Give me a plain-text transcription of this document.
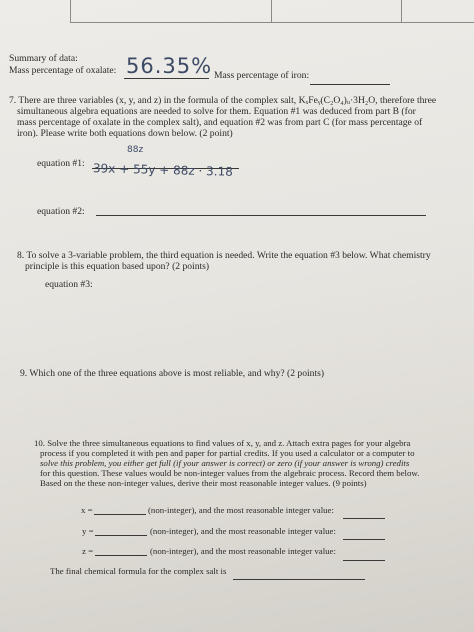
Summary of data:
Mass percentage of oxalate: 56.35% Mass percentage of iron:
7. There are three variables (x, y, and z) in the formula of the complex salt, KₓFeᵧ(C₂O₄)ᵤ·3H₂O, therefore three
simultaneous algebra equations are needed to solve for them. Equation #1 was deduced from part B (for
mass percentage of oxalate in the complex salt), and equation #2 was from part C (for mass percentage of
iron). Please write both equations down below. (2 point)
88z
equation #1: 39x + 55y + 88z · 3.18
equation #2:
8. To solve a 3-variable problem, the third equation is needed. Write the equation #3 below. What chemistry
principle is this equation based upon? (2 points)
equation #3:
9. Which one of the three equations above is most reliable, and why? (2 points)
10. Solve the three simultaneous equations to find values of x, y, and z. Attach extra pages for your algebra
process if you completed it with pen and paper for partial credits. If you used a calculator or a computer to
solve this problem, you either get full (if your answer is correct) or zero (if your answer is wrong) credits
for this question. These values would be non-integer values from the algebraic process. Record them below.
Based on the these non-integer values, derive their most reasonable integer values. (9 points)
x =	(non-integer), and the most reasonable integer value:
y =	(non-integer), and the most reasonable integer value:
z =	(non-integer), and the most reasonable integer value:
The final chemical formula for the complex salt is
